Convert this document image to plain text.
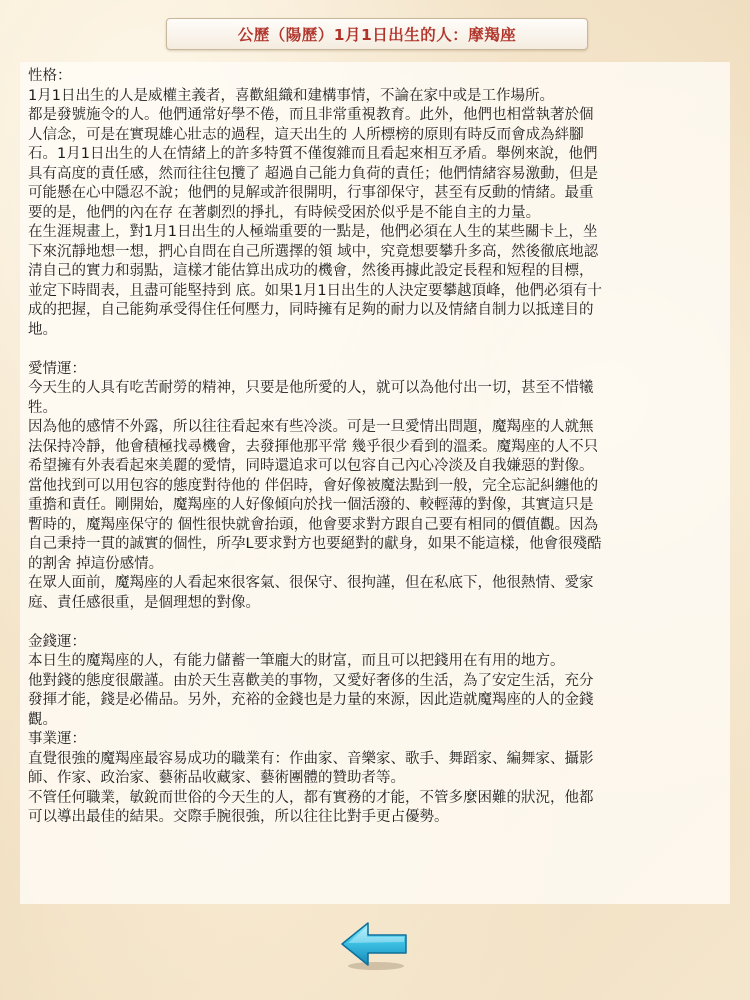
公歷（陽歷）1月1日出生的人：摩羯座
性格：
1月1日出生的人是威權主義者，喜歡組織和建構事情，不論在家中或是工作場所。
都是發號施令的人。他們通常好學不倦，而且非常重視教育。此外，他們也相當執著於個
人信念，可是在實現雄心壯志的過程，這天出生的 人所標榜的原則有時反而會成為絆腳
石。1月1日出生的人在情緒上的許多特質不僅復雜而且看起來相互矛盾。舉例來說，他們
具有高度的責任感，然而往往包攬了 超過自己能力負荷的責任；他們情緒容易激動，但是
可能懸在心中隱忍不說；他們的見解或許很開明，行事卻保守，甚至有反動的情緒。最重
要的是，他們的內在存 在著劇烈的掙扎，有時候受困於似乎是不能自主的力量。
在生涯規畫上，對1月1日出生的人極端重要的一點是，他們必須在人生的某些關卡上，坐
下來沉靜地想一想，捫心自問在自己所選擇的領 域中，究竟想要攀升多高，然後徹底地認
清自己的實力和弱點，這樣才能估算出成功的機會，然後再據此設定長程和短程的目標，
並定下時間表，且盡可能堅持到 底。如果1月1日出生的人決定要攀越頂峰，他們必須有十
成的把握，自己能夠承受得住任何壓力，同時擁有足夠的耐力以及情緒自制力以抵達目的
地。
愛情運：
今天生的人具有吃苦耐勞的精神，只要是他所愛的人，就可以為他付出一切，甚至不惜犧
牲。
因為他的感情不外露，所以往往看起來有些冷淡。可是一旦愛情出問題，魔羯座的人就無
法保持冷靜，他會積極找尋機會，去發揮他那平常 幾乎很少看到的溫柔。魔羯座的人不只
希望擁有外表看起來美麗的愛情，同時還追求可以包容自己內心冷淡及自我嫌惡的對像。
當他找到可以用包容的態度對待他的 伴侶時，會好像被魔法點到一般，完全忘記糾纏他的
重擔和責任。剛開始，魔羯座的人好像傾向於找一個活潑的、較輕薄的對像，其實這只是
暫時的，魔羯座保守的 個性很快就會抬頭，他會要求對方跟自己要有相同的價值觀。因為
自己秉持一貫的誠實的個性，所孕L要求對方也要絕對的獻身，如果不能這樣，他會很殘酷
的割舍 掉這份感情。
在眾人面前，魔羯座的人看起來很客氣、很保守、很拘謹，但在私底下，他很熱情、愛家
庭、責任感很重，是個理想的對像。
金錢運：
本日生的魔羯座的人，有能力儲蓄一筆龐大的財富，而且可以把錢用在有用的地方。
他對錢的態度很嚴謹。由於天生喜歡美的事物，又愛好奢侈的生活，為了安定生活，充分
發揮才能，錢是必備品。另外，充裕的金錢也是力量的來源，因此造就魔羯座的人的金錢
觀。
事業運：
直覺很強的魔羯座最容易成功的職業有：作曲家、音樂家、歌手、舞蹈家、編舞家、攝影
師、作家、政治家、藝術品收藏家、藝術團體的贊助者等。
不管任何職業，敏銳而世俗的今天生的人，都有實務的才能，不管多麼困難的狀況，他都
可以導出最佳的結果。交際手腕很強，所以往往比對手更占優勢。
